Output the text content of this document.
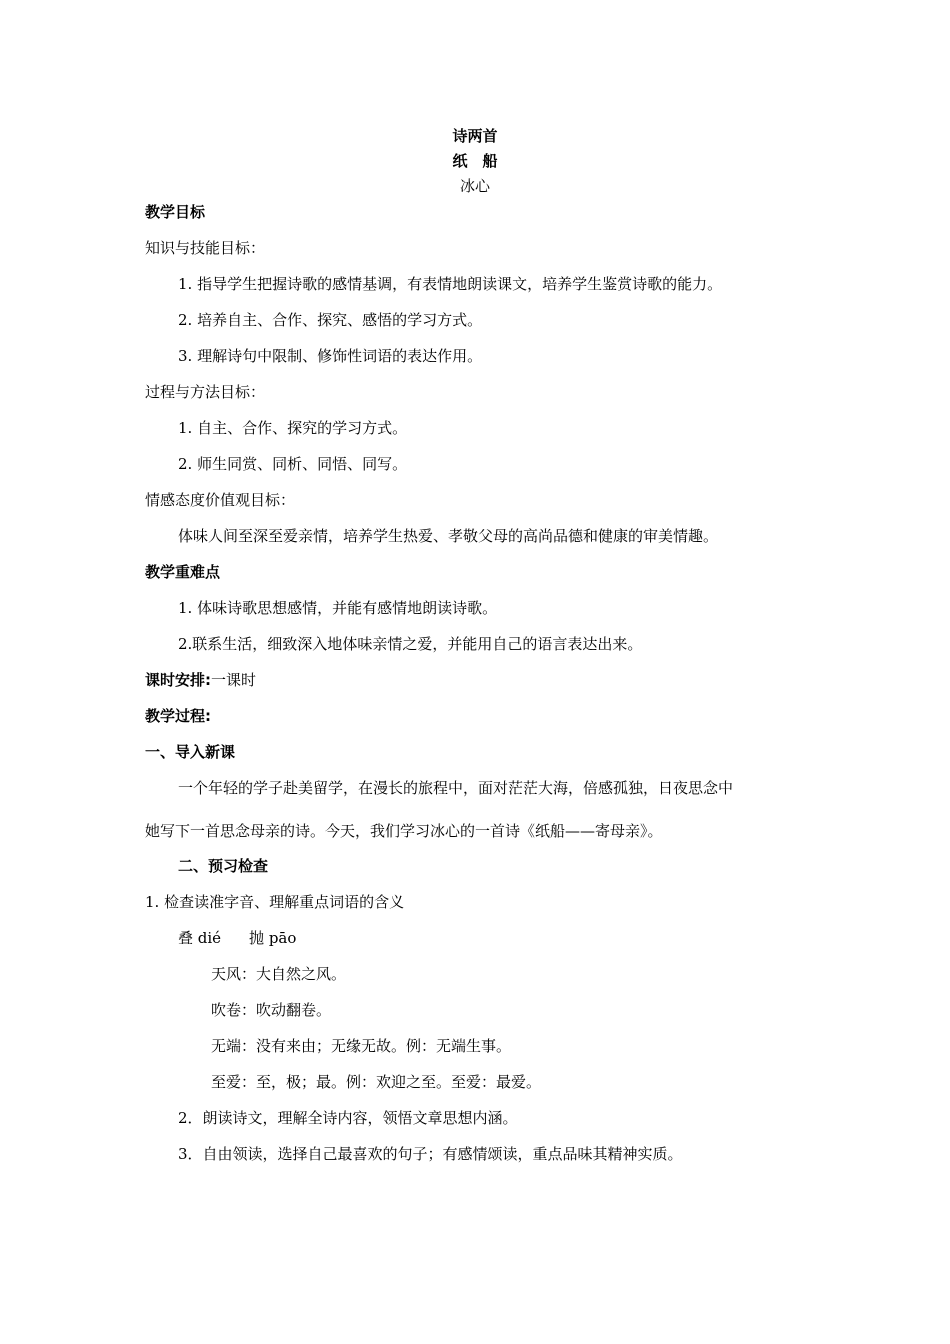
诗两首
纸　船
冰心
教学目标
知识与技能目标：
1. 指导学生把握诗歌的感情基调，有表情地朗读课文，培养学生鉴赏诗歌的能力。
2. 培养自主、合作、探究、感悟的学习方式。
3. 理解诗句中限制、修饰性词语的表达作用。
过程与方法目标：
1. 自主、合作、探究的学习方式。
2. 师生同赏、同析、同悟、同写。
情感态度价值观目标：
体味人间至深至爱亲情，培养学生热爱、孝敬父母的高尚品德和健康的审美情趣。
教学重难点
1. 体味诗歌思想感情，并能有感情地朗读诗歌。
2.联系生活，细致深入地体味亲情之爱，并能用自己的语言表达出来。
课时安排:一课时
教学过程:
一、导入新课
一个年轻的学子赴美留学，在漫长的旅程中，面对茫茫大海，倍感孤独，日夜思念中
她写下一首思念母亲的诗。今天，我们学习冰心的一首诗《纸船——寄母亲》。
二、预习检查
1. 检查读准字音、理解重点词语的含义
叠 dié 抛 pāo
天风：大自然之风。
吹卷：吹动翻卷。
无端：没有来由；无缘无故。例：无端生事。
至爱：至，极；最。例：欢迎之至。至爱：最爱。
2．朗读诗文，理解全诗内容，领悟文章思想内涵。
3．自由领读，选择自己最喜欢的句子；有感情颂读，重点品味其精神实质。
